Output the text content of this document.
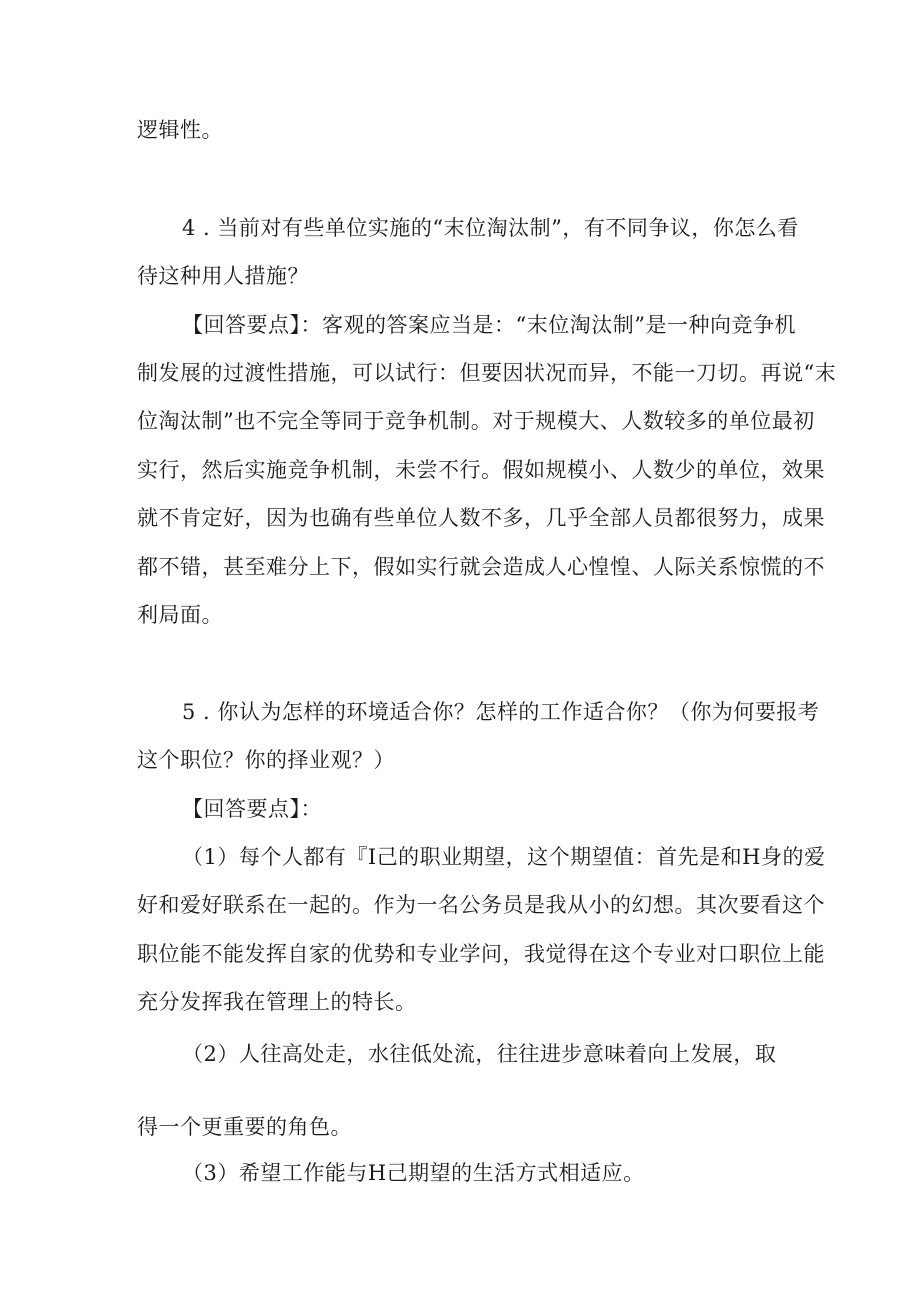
逻辑性。
4 . 当前对有些单位实施的“末位淘汰制”，有不同争议，你怎么看
待这种用人措施？
【回答要点】：客观的答案应当是：“末位淘汰制”是一种向竞争机
制发展的过渡性措施，可以试行：但要因状况而异，不能一刀切。再说“末
位淘汰制”也不完全等同于竞争机制。对于规模大、人数较多的单位最初
实行，然后实施竞争机制，未尝不行。假如规模小、人数少的单位，效果
就不肯定好，因为也确有些单位人数不多，几乎全部人员都很努力，成果
都不错，甚至难分上下，假如实行就会造成人心惶惶、人际关系惊慌的不
利局面。
5 . 你认为怎样的环境适合你？怎样的工作适合你？（你为何要报考
这个职位？你的择业观？）
【回答要点】：
（1）每个人都有『I己的职业期望，这个期望值：首先是和H身的爱
好和爱好联系在一起的。作为一名公务员是我从小的幻想。其次要看这个
职位能不能发挥自家的优势和专业学问，我觉得在这个专业对口职位上能
充分发挥我在管理上的特长。
（2）人往高处走，水往低处流，往往进步意味着向上发展，取
得一个更重要的角色。
（3）希望工作能与H己期望的生活方式相适应。
